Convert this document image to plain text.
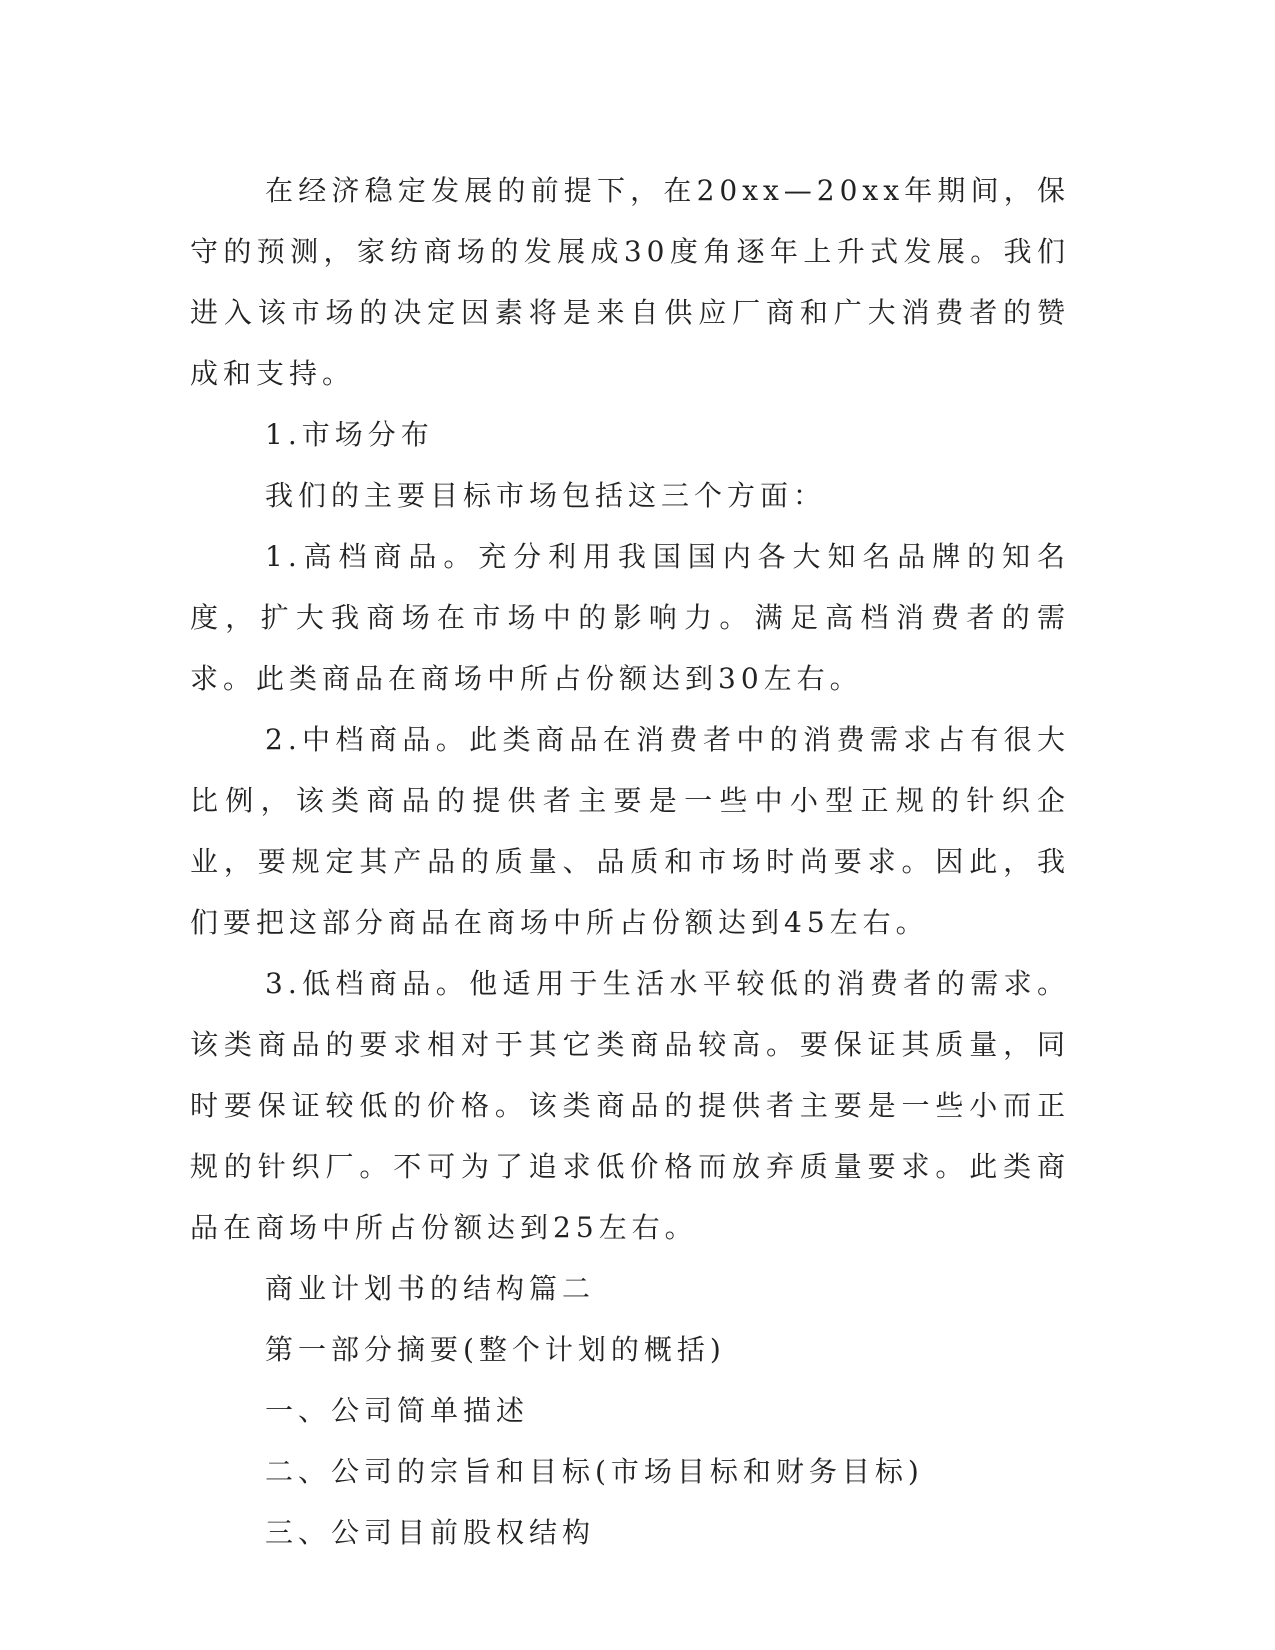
在经济稳定发展的前提下，在20xx—20xx年期间，保守的预测，家纺商场的发展成30度角逐年上升式发展。我们进入该市场的决定因素将是来自供应厂商和广大消费者的赞成和支持。

1.市场分布

我们的主要目标市场包括这三个方面：

1.高档商品。充分利用我国国内各大知名品牌的知名度，扩大我商场在市场中的影响力。满足高档消费者的需求。此类商品在商场中所占份额达到30左右。

2.中档商品。此类商品在消费者中的消费需求占有很大比例，该类商品的提供者主要是一些中小型正规的针织企业，要规定其产品的质量、品质和市场时尚要求。因此，我们要把这部分商品在商场中所占份额达到45左右。

3.低档商品。他适用于生活水平较低的消费者的需求。该类商品的要求相对于其它类商品较高。要保证其质量，同时要保证较低的价格。该类商品的提供者主要是一些小而正规的针织厂。不可为了追求低价格而放弃质量要求。此类商品在商场中所占份额达到25左右。

商业计划书的结构篇二

第一部分摘要(整个计划的概括)

一、公司简单描述

二、公司的宗旨和目标(市场目标和财务目标)

三、公司目前股权结构
